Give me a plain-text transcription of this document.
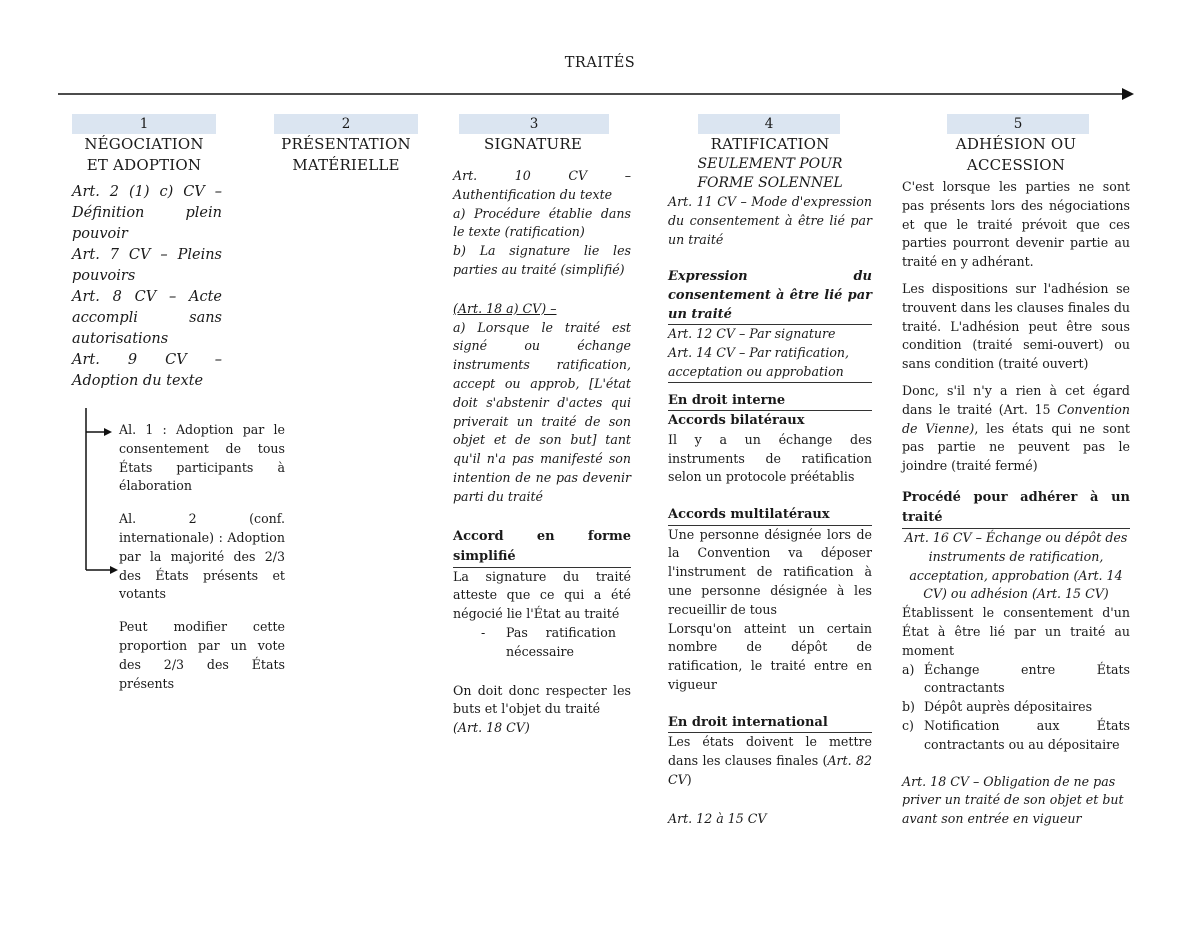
TRAITÉS
1
NÉGOCIATION
ET ADOPTION

Art. 2 (1) c) CV – Définition plein pouvoir

Art. 7 CV – Pleins pouvoirs

Art. 8 CV – Acte accompli sans autorisations

Art. 9 CV – Adoption du texte

Al. 1 : Adoption par le consentement de tous États participants à élaboration

Al. 2 (conf. internationale) : Adoption par la majorité des 2/3 des États présents et votants

Peut modifier cette proportion par un vote des 2/3 des États présents

2
PRÉSENTATION
MATÉRIELLE
3
SIGNATURE

Art. 10 CV – Authentification du texte

a) Procédure établie dans le texte (ratification)

b) La signature lie les parties au traité (simplifié)

(Art. 18 a) CV) –

a) Lorsque le traité est signé ou échange instruments ratification, accept ou approb, [L'état doit s'abstenir d'actes qui priverait un traité de son objet et de son but] tant qu'il n'a pas manifesté son intention de ne pas devenir parti du traité

Accord en forme simplifié

La signature du traité atteste que ce qui a été négocié lie l'État au traité

-	Pas ratification nécessaire

On doit donc respecter les buts et l'objet du traité

(Art. 18 CV)

4
RATIFICATION
SEULEMENT POUR FORME SOLENNEL
Art. 11 CV – Mode d'expression du consentement à être lié par un traité
Expression du consentement à être lié par un traité

Art. 12 CV – Par signature

Art. 14 CV – Par ratification, acceptation ou approbation

En droit interne
Accords bilatéraux
Il y a un échange des instruments de ratification selon un protocole préétablis
Accords multilatéraux

Une personne désignée lors de la Convention va déposer l'instrument de ratification à une personne désignée à les recueillir de tous

Lorsqu'on atteint un certain nombre de dépôt de ratification, le traité entre en vigueur

En droit international
Les états doivent le mettre dans les clauses finales (Art. 82 CV)
Art. 12 à 15 CV
5
ADHÉSION OU
ACCESSION

C'est lorsque les parties ne sont pas présents lors des négociations et que le traité prévoit que ces parties pourront devenir partie au traité en y adhérant.

Les dispositions sur l'adhésion se trouvent dans les clauses finales du traité. L'adhésion peut être sous condition (traité semi-ouvert) ou sans condition (traité ouvert)

Donc, s'il n'y a rien à cet égard dans le traité (Art. 15 Convention de Vienne), les états qui ne sont pas partie ne peuvent pas le joindre (traité fermé)

Procédé pour adhérer à un traité
Art. 16 CV – Échange ou dépôt des instruments de ratification, acceptation, approbation (Art. 14 CV) ou adhésion (Art. 15 CV)
Établissent le consentement d'un État à être lié par un traité au moment
a) Échange entre États contractants
b) Dépôt auprès dépositaires
c) Notification aux États contractants ou au dépositaire
Art. 18 CV – Obligation de ne pas priver un traité de son objet et but avant son entrée en vigueur
